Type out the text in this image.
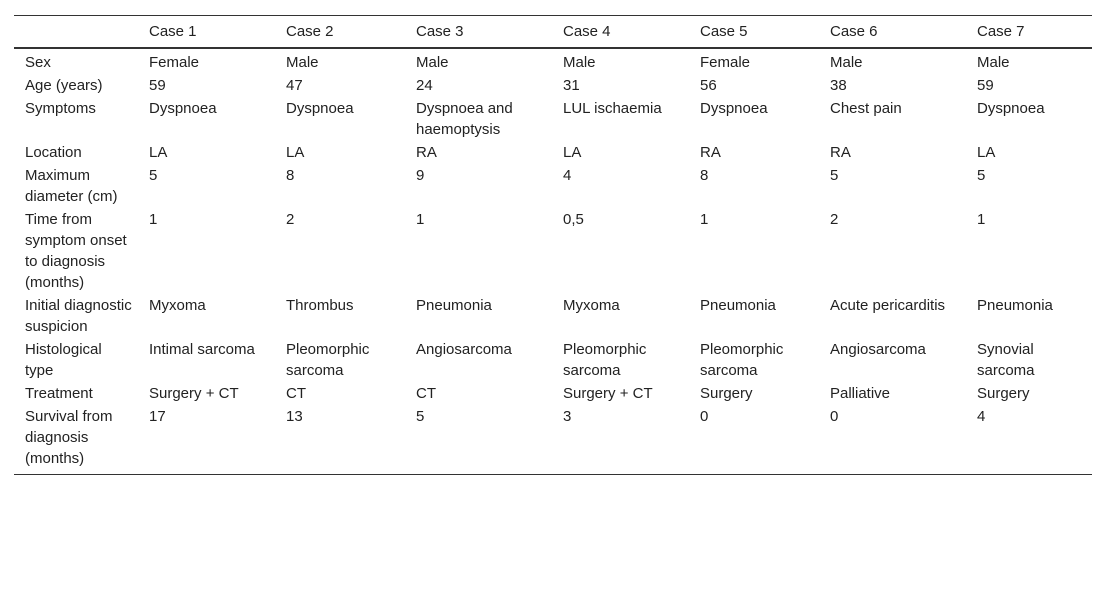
	Case 1	Case 2	Case 3	Case 4	Case 5	Case 6	Case 7
Sex	Female	Male	Male	Male	Female	Male	Male
Age (years)	59	47	24	31	56	38	59
Symptoms	Dyspnoea	Dyspnoea	Dyspnoea and haemoptysis	LUL ischaemia	Dyspnoea	Chest pain	Dyspnoea
Location	LA	LA	RA	LA	RA	RA	LA
Maximum diameter (cm)	5	8	9	4	8	5	5
Time from symptom onset to diagnosis (months)	1	2	1	0,5	1	2	1
Initial diagnostic suspicion	Myxoma	Thrombus	Pneumonia	Myxoma	Pneumonia	Acute pericarditis	Pneumonia
Histological type	Intimal sarcoma	Pleomorphic sarcoma	Angiosarcoma	Pleomorphic sarcoma	Pleomorphic sarcoma	Angiosarcoma	Synovial sarcoma
Treatment	Surgery + CT	CT	CT	Surgery + CT	Surgery	Palliative	Surgery
Survival from diagnosis (months)	17	13	5	3	0	0	4
